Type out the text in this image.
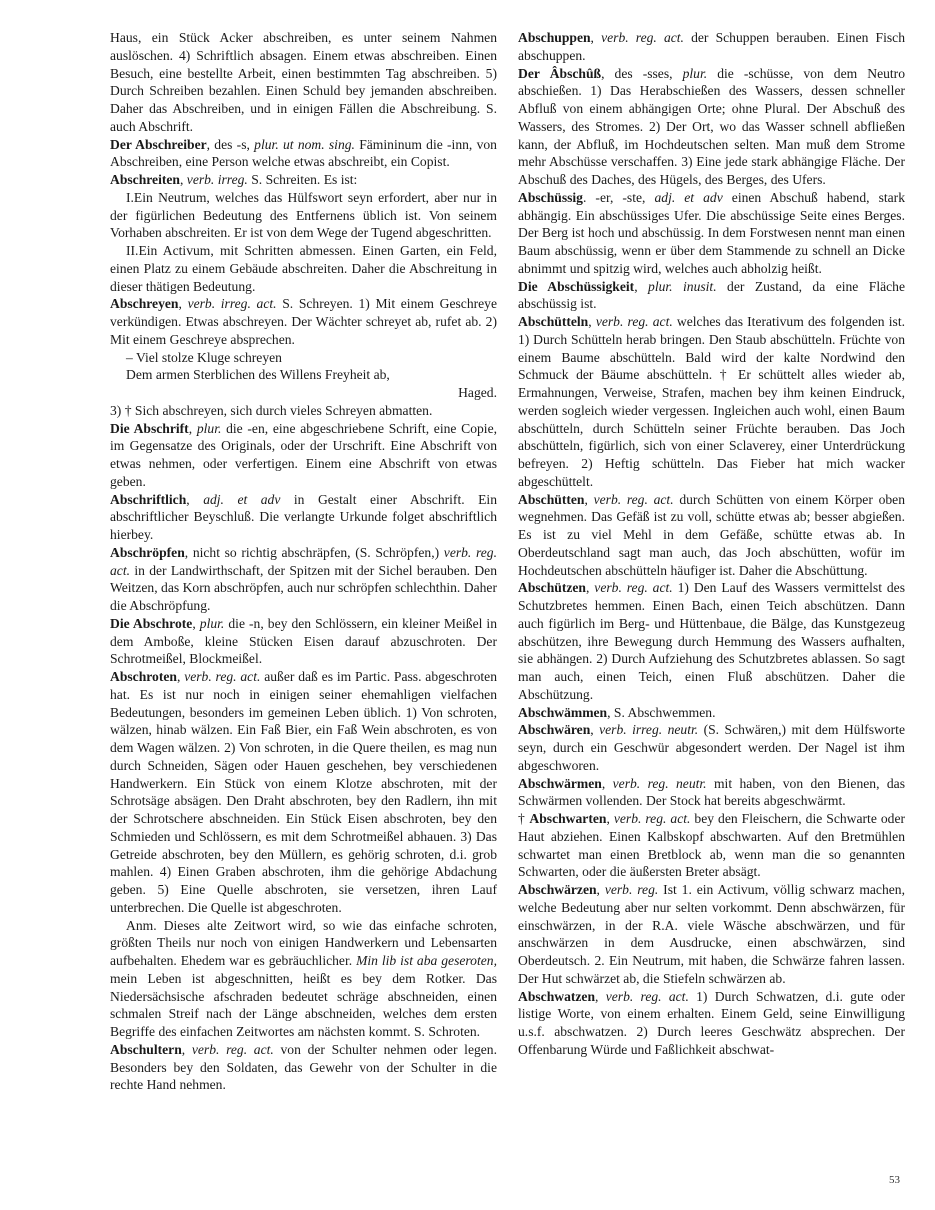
Haus, ein Stück Acker abschreiben, es unter seinem Nahmen auslöschen. 4) Schriftlich absagen. Einem etwas abschreiben. Einen Besuch, eine bestellte Arbeit, einen bestimmten Tag abschreiben. 5) Durch Schreiben bezahlen. Einen Schuld bey jemanden abschreiben. Daher das Abschreiben, und in einigen Fällen die Abschreibung. S. auch Abschrift.

Der Abschreiber, des -s, plur. ut nom. sing. Fämininum die -inn, von Abschreiben, eine Person welche etwas abschreibt, ein Copist.

Abschreiten, verb. irreg. S. Schreiten. Es ist:

I.Ein Neutrum, welches das Hülfswort seyn erfordert, aber nur in der figürlichen Bedeutung des Entfernens üblich ist. Von seinem Vorhaben abschreiten. Er ist von dem Wege der Tugend abgeschritten.

II.Ein Activum, mit Schritten abmessen. Einen Garten, ein Feld, einen Platz zu einem Gebäude abschreiten. Daher die Abschreitung in dieser thätigen Bedeutung.

Abschreyen, verb. irreg. act. S. Schreyen. 1) Mit einem Geschreye verkündigen. Etwas abschreyen. Der Wächter schreyet ab, rufet ab. 2) Mit einem Geschreye absprechen.

– Viel stolze Kluge schreyen

Dem armen Sterblichen des Willens Freyheit ab,

Haged.

3) † Sich abschreyen, sich durch vieles Schreyen abmatten.

Die Abschrift, plur. die -en, eine abgeschriebene Schrift, eine Copie, im Gegensatze des Originals, oder der Urschrift. Eine Abschrift von etwas nehmen, oder verfertigen. Einem eine Abschrift von etwas geben.

Abschriftlich, adj. et adv in Gestalt einer Abschrift. Ein abschriftlicher Beyschluß. Die verlangte Urkunde folget abschriftlich hierbey.

Abschröpfen, nicht so richtig abschräpfen, (S. Schröpfen,) verb. reg. act. in der Landwirthschaft, der Spitzen mit der Sichel berauben. Den Weitzen, das Korn abschröpfen, auch nur schröpfen schlechthin. Daher die Abschröpfung.

Die Abschrote, plur. die -n, bey den Schlössern, ein kleiner Meißel in dem Amboße, kleine Stücken Eisen darauf abzuschroten. Der Schrotmeißel, Blockmeißel.

Abschroten, verb. reg. act. außer daß es im Partic. Pass. abgeschroten hat. Es ist nur noch in einigen seiner ehemahligen vielfachen Bedeutungen, besonders im gemeinen Leben üblich. 1) Von schroten, wälzen, hinab wälzen. Ein Faß Bier, ein Faß Wein abschroten, es von dem Wagen wälzen. 2) Von schroten, in die Quere theilen, es mag nun durch Schneiden, Sägen oder Hauen geschehen, bey verschiedenen Handwerkern. Ein Stück von einem Klotze abschroten, mit der Schrotsäge absägen. Den Draht abschroten, bey den Radlern, ihn mit der Schrotschere abschneiden. Ein Stück Eisen abschroten, bey den Schmieden und Schlössern, es mit dem Schrotmeißel abhauen. 3) Das Getreide abschroten, bey den Müllern, es gehörig schroten, d.i. grob mahlen. 4) Einen Graben abschroten, ihm die gehörige Abdachung geben. 5) Eine Quelle abschroten, sie versetzen, ihren Lauf unterbrechen. Die Quelle ist abgeschroten.

Anm. Dieses alte Zeitwort wird, so wie das einfache schroten, größten Theils nur noch von einigen Handwerkern und Lebensarten aufbehalten. Ehedem war es gebräuchlicher. Min lib ist aba geseroten, mein Leben ist abgeschnitten, heißt es bey dem Rotker. Das Niedersächsische afschraden bedeutet schräge abschneiden, einen schmalen Streif nach der Länge abschneiden, welches dem ersten Begriffe des einfachen Zeitwortes am nächsten kommt. S. Schroten.

Abschultern, verb. reg. act. von der Schulter nehmen oder legen. Besonders bey den Soldaten, das Gewehr von der Schulter in die rechte Hand nehmen.

Abschuppen, verb. reg. act. der Schuppen berauben. Einen Fisch abschuppen.

Der Âbschûß, des -sses, plur. die -schüsse, von dem Neutro abschießen. 1) Das Herabschießen des Wassers, dessen schneller Abfluß von einem abhängigen Orte; ohne Plural. Der Abschuß des Wassers, des Stromes. 2) Der Ort, wo das Wasser schnell abfließen kann, der Abfluß, im Hochdeutschen selten. Man muß dem Strome mehr Abschüsse verschaffen. 3) Eine jede stark abhängige Fläche. Der Abschuß des Daches, des Hügels, des Berges, des Ufers.

Abschüssig. -er, -ste, adj. et adv einen Abschuß habend, stark abhängig. Ein abschüssiges Ufer. Die abschüssige Seite eines Berges. Der Berg ist hoch und abschüssig. In dem Forstwesen nennt man einen Baum abschüssig, wenn er über dem Stammende zu schnell an Dicke abnimmt und spitzig wird, welches auch abholzig heißt.

Die Abschüssigkeit, plur. inusit. der Zustand, da eine Fläche abschüssig ist.

Abschütteln, verb. reg. act. welches das Iterativum des folgenden ist. 1) Durch Schütteln herab bringen. Den Staub abschütteln. Früchte von einem Baume abschütteln. Bald wird der kalte Nordwind den Schmuck der Bäume abschütteln. † Er schüttelt alles wieder ab, Ermahnungen, Verweise, Strafen, machen bey ihm keinen Eindruck, werden sogleich wieder vergessen. Ingleichen auch wohl, einen Baum abschütteln, durch Schütteln seiner Früchte berauben. Das Joch abschütteln, figürlich, sich von einer Sclaverey, einer Unterdrückung befreyen. 2) Heftig schütteln. Das Fieber hat mich wacker abgeschüttelt.

Abschütten, verb. reg. act. durch Schütten von einem Körper oben wegnehmen. Das Gefäß ist zu voll, schütte etwas ab; besser abgießen. Es ist zu viel Mehl in dem Gefäße, schütte etwas ab. In Oberdeutschland sagt man auch, das Joch abschütten, wofür im Hochdeutschen abschütteln häufiger ist. Daher die Abschüttung.

Abschützen, verb. reg. act. 1) Den Lauf des Wassers vermittelst des Schutzbretes hemmen. Einen Bach, einen Teich abschützen. Dann auch figürlich im Berg- und Hüttenbaue, die Bälge, das Kunstgezeug abschützen, ihre Bewegung durch Hemmung des Wassers aufhalten, sie abhängen. 2) Durch Aufziehung des Schutzbretes ablassen. So sagt man auch, einen Teich, einen Fluß abschützen. Daher die Abschützung.

Abschwämmen, S. Abschwemmen.

Abschwären, verb. irreg. neutr. (S. Schwären,) mit dem Hülfsworte seyn, durch ein Geschwür abgesondert werden. Der Nagel ist ihm abgeschworen.

Abschwärmen, verb. reg. neutr. mit haben, von den Bienen, das Schwärmen vollenden. Der Stock hat bereits abgeschwärmt.

† Abschwarten, verb. reg. act. bey den Fleischern, die Schwarte oder Haut abziehen. Einen Kalbskopf abschwarten. Auf den Bretmühlen schwartet man einen Bretblock ab, wenn man die so genannten Schwarten, oder die äußersten Breter absägt.

Abschwärzen, verb. reg. Ist 1. ein Activum, völlig schwarz machen, welche Bedeutung aber nur selten vorkommt. Denn abschwärzen, für einschwärzen, in der R.A. viele Wäsche abschwärzen, und für anschwärzen in dem Ausdrucke, einen abschwärzen, sind Oberdeutsch. 2. Ein Neutrum, mit haben, die Schwärze fahren lassen. Der Hut schwärzet ab, die Stiefeln schwärzen ab.

Abschwatzen, verb. reg. act. 1) Durch Schwatzen, d.i. gute oder listige Worte, von einem erhalten. Einem Geld, seine Einwilligung u.s.f. abschwatzen. 2) Durch leeres Geschwätz absprechen. Der Offenbarung Würde und Faßlichkeit abschwat-

53
